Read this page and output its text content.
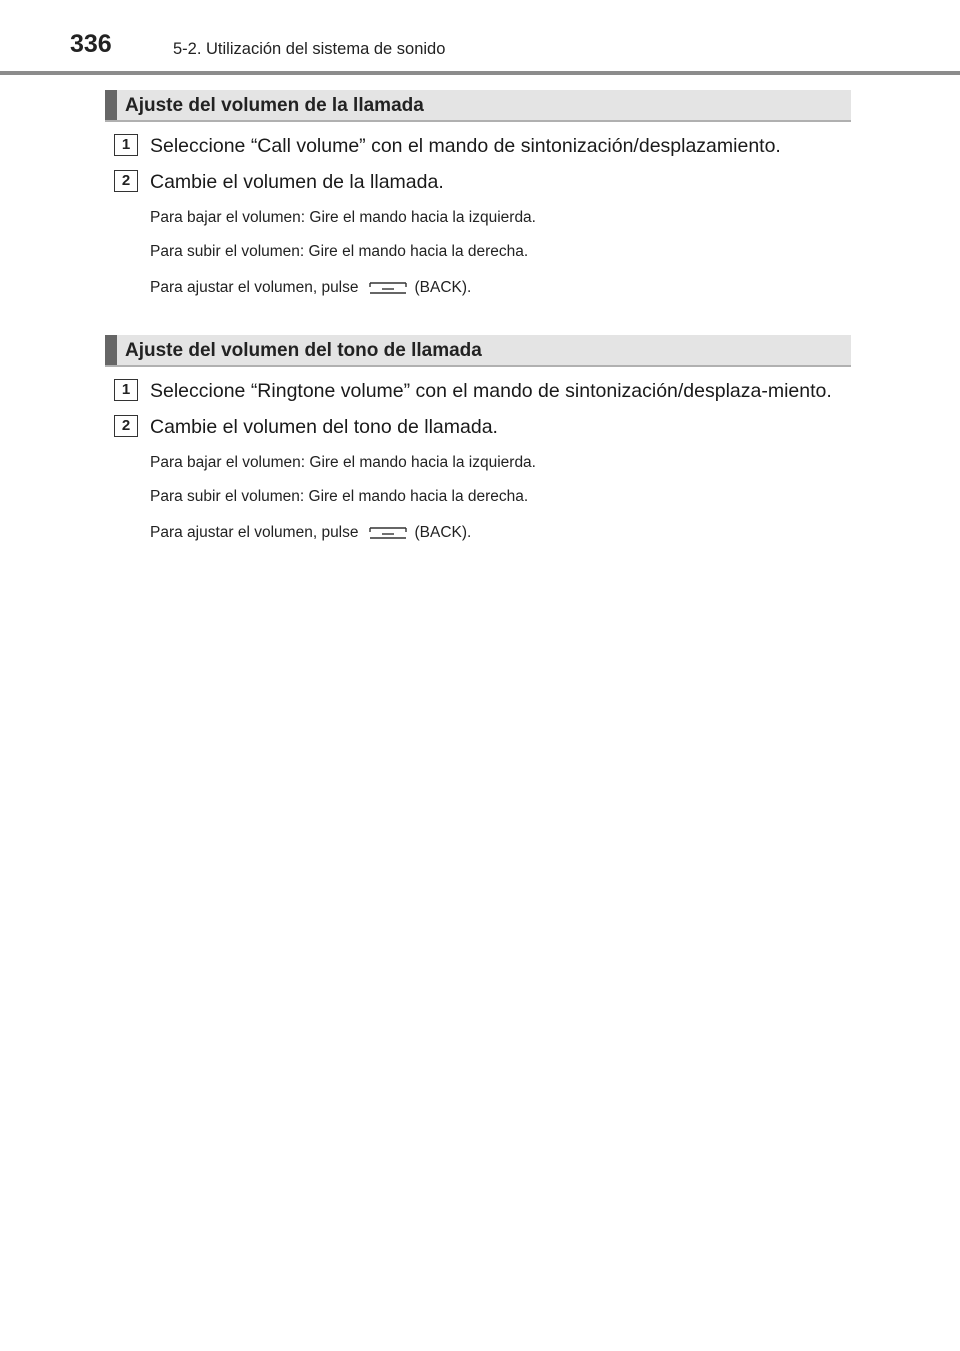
336	5-2. Utilización del sistema de sonido
Ajuste del volumen de la llamada
1	Seleccione “Call volume” con el mando de sintonización/desplazamiento.
2	Cambie el volumen de la llamada.
Para bajar el volumen: Gire el mando hacia la izquierda.
Para subir el volumen: Gire el mando hacia la derecha.
Para ajustar el volumen, pulse	(BACK).
Ajuste del volumen del tono de llamada
1	Seleccione “Ringtone volume” con el mando de sintonización/desplaza-miento.
2	Cambie el volumen del tono de llamada.
Para bajar el volumen: Gire el mando hacia la izquierda.
Para subir el volumen: Gire el mando hacia la derecha.
Para ajustar el volumen, pulse	(BACK).
